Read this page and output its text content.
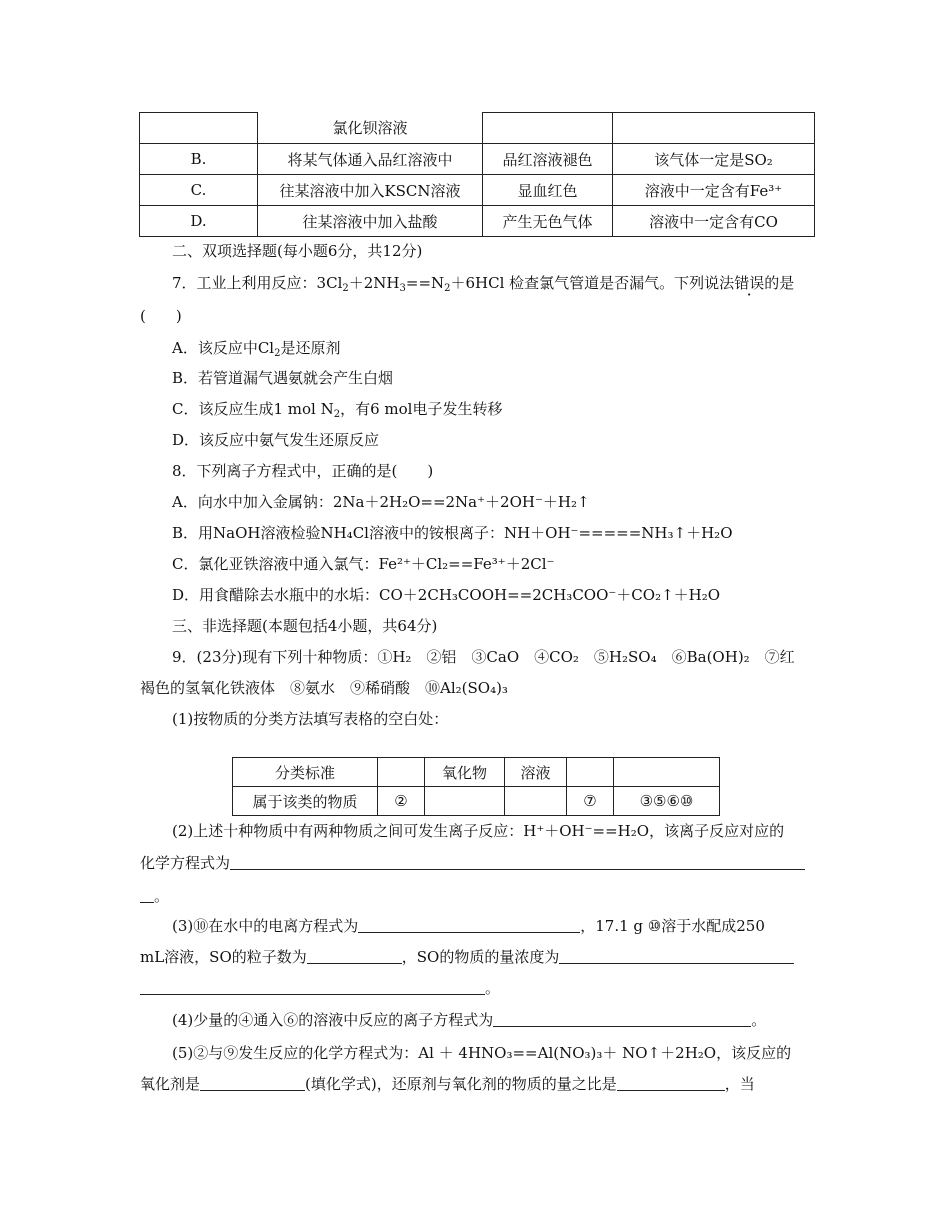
	氯化钡溶液		
B.	将某气体通入品红溶液中	品红溶液褪色	该气体一定是SO₂
C.	往某溶液中加入KSCN溶液	显血红色	溶液中一定含有Fe³⁺
D.	往某溶液中加入盐酸	产生无色气体	溶液中一定含有CO
二、双项选择题(每小题6分，共12分)
7．工业上利用反应：$3Cl_2+2NH_3==N_2+6HCl$ 检查氯气管道是否漏气。下列说法错误的是
(　　)
A．该反应中$Cl_2$是还原剂
B．若管道漏气遇氨就会产生白烟
C．该反应生成1 mol $N_2$，有6 mol电子发生转移
D．该反应中氨气发生还原反应
8．下列离子方程式中，正确的是(　　)
A．向水中加入金属钠：2Na＋2H₂O==2Na⁺＋2OH⁻＋H₂↑
B．用NaOH溶液检验NH₄Cl溶液中的铵根离子：NH＋OH⁻=====NH₃↑＋H₂O
C．氯化亚铁溶液中通入氯气：Fe²⁺＋Cl₂==Fe³⁺＋2Cl⁻
D．用食醋除去水瓶中的水垢：CO＋2CH₃COOH==2CH₃COO⁻＋CO₂↑＋H₂O
三、非选择题(本题包括4小题，共64分)
9．(23分)现有下列十种物质：①H₂　②铝　③CaO　④CO₂　⑤H₂SO₄　⑥Ba(OH)₂　⑦红
褐色的氢氧化铁液体　⑧氨水　⑨稀硝酸　⑩Al₂(SO₄)₃
(1)按物质的分类方法填写表格的空白处：
分类标准		氧化物	溶液		
属于该类的物质	②			⑦	③⑤⑥⑩
(2)上述十种物质中有两种物质之间可发生离子反应：H⁺＋OH⁻==H₂O，该离子反应对应的
化学方程式为
。
(3)⑩在水中的电离方程式为	，17.1 g ⑩溶于水配成250
mL溶液，SO的粒子数为	，SO的物质的量浓度为
。
(4)少量的④通入⑥的溶液中反应的离子方程式为	。
(5)②与⑨发生反应的化学方程式为：Al ＋ 4HNO₃==Al(NO₃)₃＋ NO↑＋2H₂O，该反应的
氧化剂是	(填化学式)，还原剂与氧化剂的物质的量之比是	，当
